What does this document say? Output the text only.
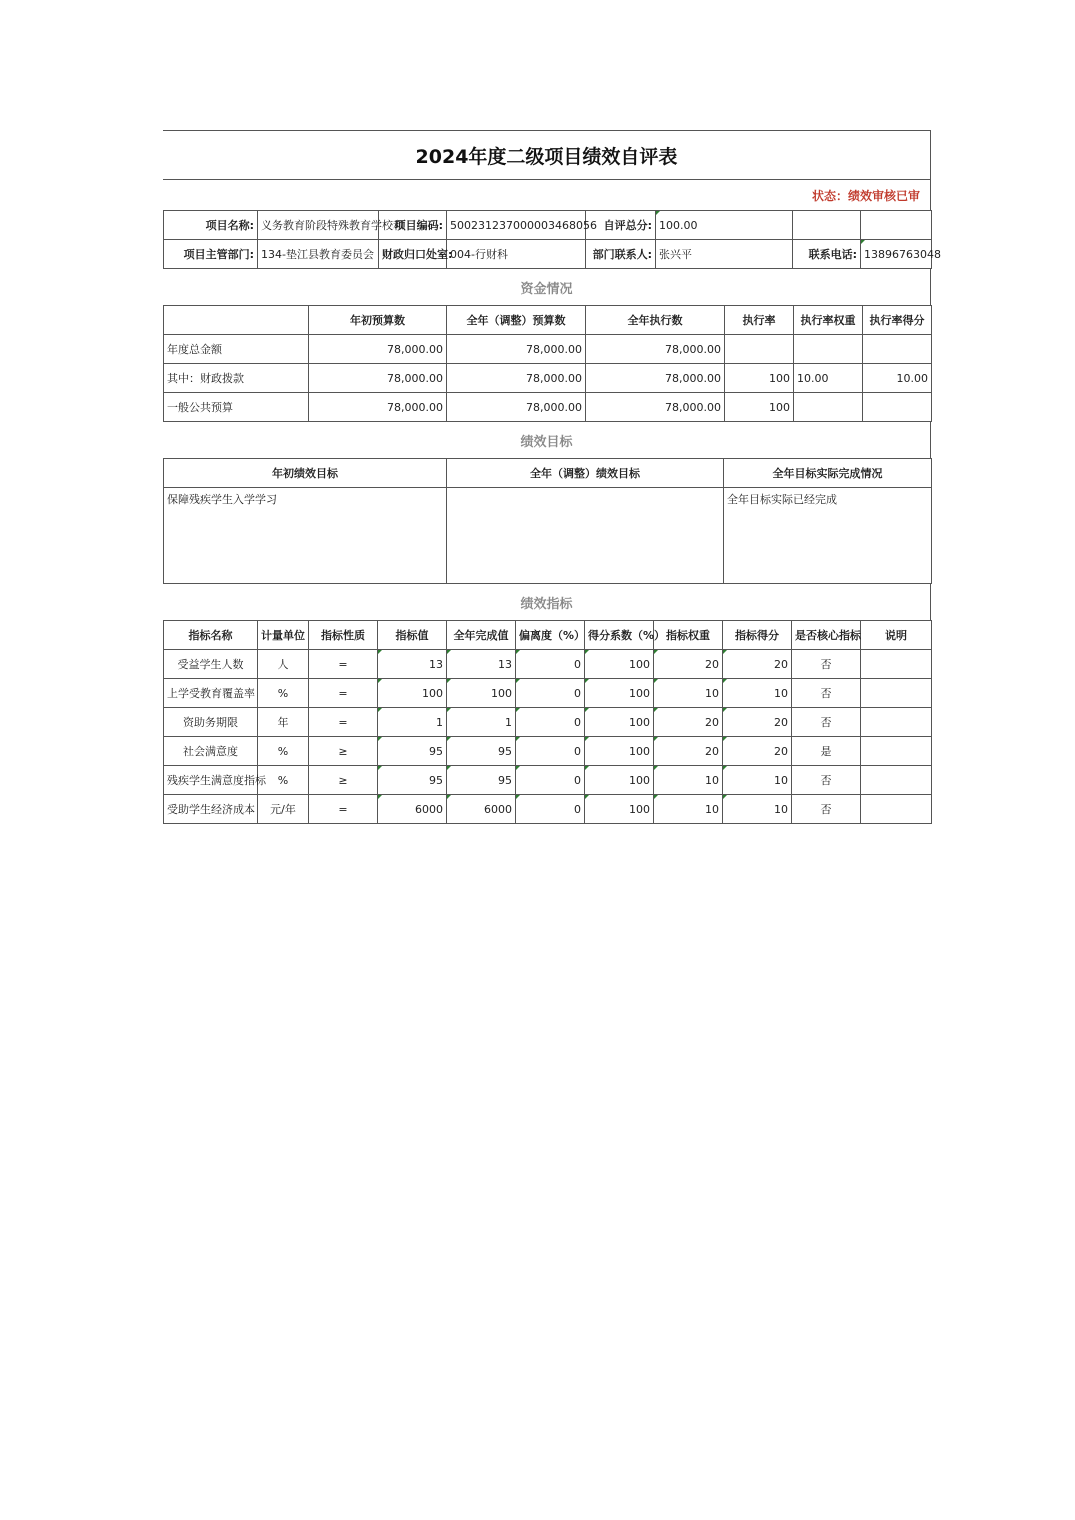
2024年度二级项目绩效自评表
状态：绩效审核已审
项目名称:	义务教育阶段特殊教育学校和	项目编码:	500231237000003468056	自评总分:	100.00		
项目主管部门:	134-垫江县教育委员会	财政归口处室:	004-行财科	部门联系人:	张兴平	联系电话:	13896763048
资金情况
	年初预算数	全年（调整）预算数	全年执行数	执行率	执行率权重	执行率得分
年度总金额	78,000.00	78,000.00	78,000.00			
其中：财政拨款	78,000.00	78,000.00	78,000.00	100	10.00	10.00
一般公共预算	78,000.00	78,000.00	78,000.00	100		
绩效目标
年初绩效目标	全年（调整）绩效目标	全年目标实际完成情况
保障残疾学生入学学习		全年目标实际已经完成
绩效指标
指标名称	计量单位	指标性质	指标值	全年完成值	偏离度（%）	得分系数（%）	指标权重	指标得分	是否核心指标	说明
受益学生人数	人	=	13	13	0	100	20	20	否	
上学受教育覆盖率	%	=	100	100	0	100	10	10	否	
资助务期限	年	=	1	1	0	100	20	20	否	
社会满意度	%	≥	95	95	0	100	20	20	是	
残疾学生满意度指标	%	≥	95	95	0	100	10	10	否	
受助学生经济成本	元/年	=	6000	6000	0	100	10	10	否	
